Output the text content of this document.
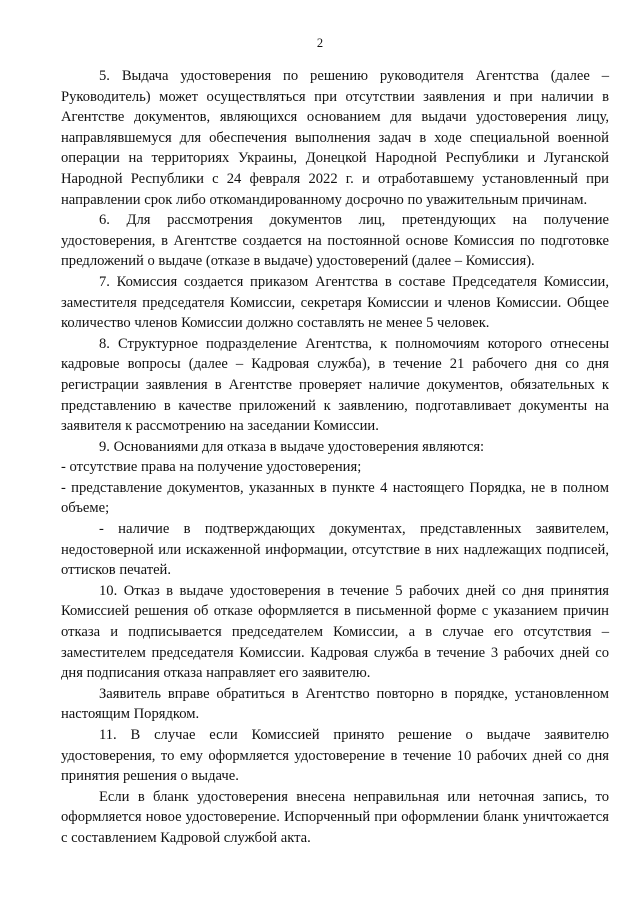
2

5. Выдача удостоверения по решению руководителя Агентства (далее – Руководитель) может осуществляться при отсутствии заявления и при наличии в Агентстве документов, являющихся основанием для выдачи удостоверения лицу, направлявшемуся для обеспечения выполнения задач в ходе специальной военной операции на территориях Украины, Донецкой Народной Республики и Луганской Народной Республики с 24 февраля 2022 г. и отработавшему установленный при направлении срок либо откомандированному досрочно по уважительным причинам.

6. Для рассмотрения документов лиц, претендующих на получение удостоверения, в Агентстве создается на постоянной основе Комиссия по подготовке предложений о выдаче (отказе в выдаче) удостоверений (далее – Комиссия).

7. Комиссия создается приказом Агентства в составе Председателя Комиссии, заместителя председателя Комиссии, секретаря Комиссии и членов Комиссии. Общее количество членов Комиссии должно составлять не менее 5 человек.

8. Структурное подразделение Агентства, к полномочиям которого отнесены кадровые вопросы (далее – Кадровая служба), в течение 21 рабочего дня со дня регистрации заявления в Агентстве проверяет наличие документов, обязательных к представлению в качестве приложений к заявлению, подготавливает документы на заявителя к рассмотрению на заседании Комиссии.

9. Основаниями для отказа в выдаче удостоверения являются:

- отсутствие права на получение удостоверения;

- представление документов, указанных в пункте 4 настоящего Порядка, не в полном объеме;

- наличие в подтверждающих документах, представленных заявителем, недостоверной или искаженной информации, отсутствие в них надлежащих подписей, оттисков печатей.

10. Отказ в выдаче удостоверения в течение 5 рабочих дней со дня принятия Комиссией решения об отказе оформляется в письменной форме с указанием причин отказа и подписывается председателем Комиссии, а в случае его отсутствия – заместителем председателя Комиссии. Кадровая служба в течение 3 рабочих дней со дня подписания отказа направляет его заявителю.

Заявитель вправе обратиться в Агентство повторно в порядке, установленном настоящим Порядком.

11. В случае если Комиссией принято решение о выдаче заявителю удостоверения, то ему оформляется удостоверение в течение 10 рабочих дней со дня принятия решения о выдаче.

Если в бланк удостоверения внесена неправильная или неточная запись, то оформляется новое удостоверение. Испорченный при оформлении бланк уничтожается с составлением Кадровой службой акта.
